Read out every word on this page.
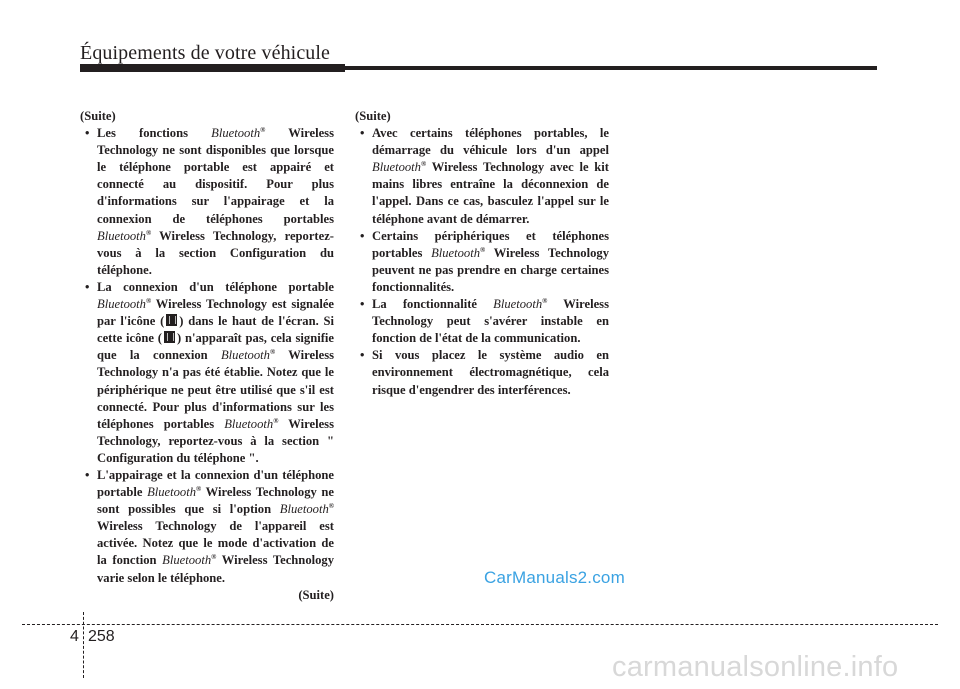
Équipements de votre véhicule
(Suite)
• Les fonctions Bluetooth® Wireless Technology ne sont disponibles que lorsque le téléphone portable est appairé et connecté au dispositif. Pour plus d'informations sur l'appairage et la connexion de téléphones portables Bluetooth® Wireless Technology, reportez-vous à la section Configuration du téléphone.
• La connexion d'un téléphone portable Bluetooth® Wireless Technology est signalée par l'icône ( ) dans le haut de l'écran. Si cette icône ( ) n'apparaît pas, cela signifie que la connexion Bluetooth® Wireless Technology n'a pas été établie. Notez que le périphérique ne peut être utilisé que s'il est connecté. Pour plus d'informations sur les téléphones portables Bluetooth® Wireless Technology, reportez-vous à la section " Configuration du téléphone ".
• L'appairage et la connexion d'un téléphone portable Bluetooth® Wireless Technology ne sont possibles que si l'option Bluetooth® Wireless Technology de l'appareil est activée. Notez que le mode d'activation de la fonction Bluetooth® Wireless Technology varie selon le téléphone.
(Suite)
(Suite)
• Avec certains téléphones portables, le démarrage du véhicule lors d'un appel Bluetooth® Wireless Technology avec le kit mains libres entraîne la déconnexion de l'appel. Dans ce cas, basculez l'appel sur le téléphone avant de démarrer.
• Certains périphériques et téléphones portables Bluetooth® Wireless Technology peuvent ne pas prendre en charge certaines fonctionnalités.
• La fonctionnalité Bluetooth® Wireless Technology peut s'avérer instable en fonction de l'état de la communication.
• Si vous placez le système audio en environnement électromagnétique, cela risque d'engendrer des interférences.
CarManuals2.com
4 258
carmanualsonline.info
